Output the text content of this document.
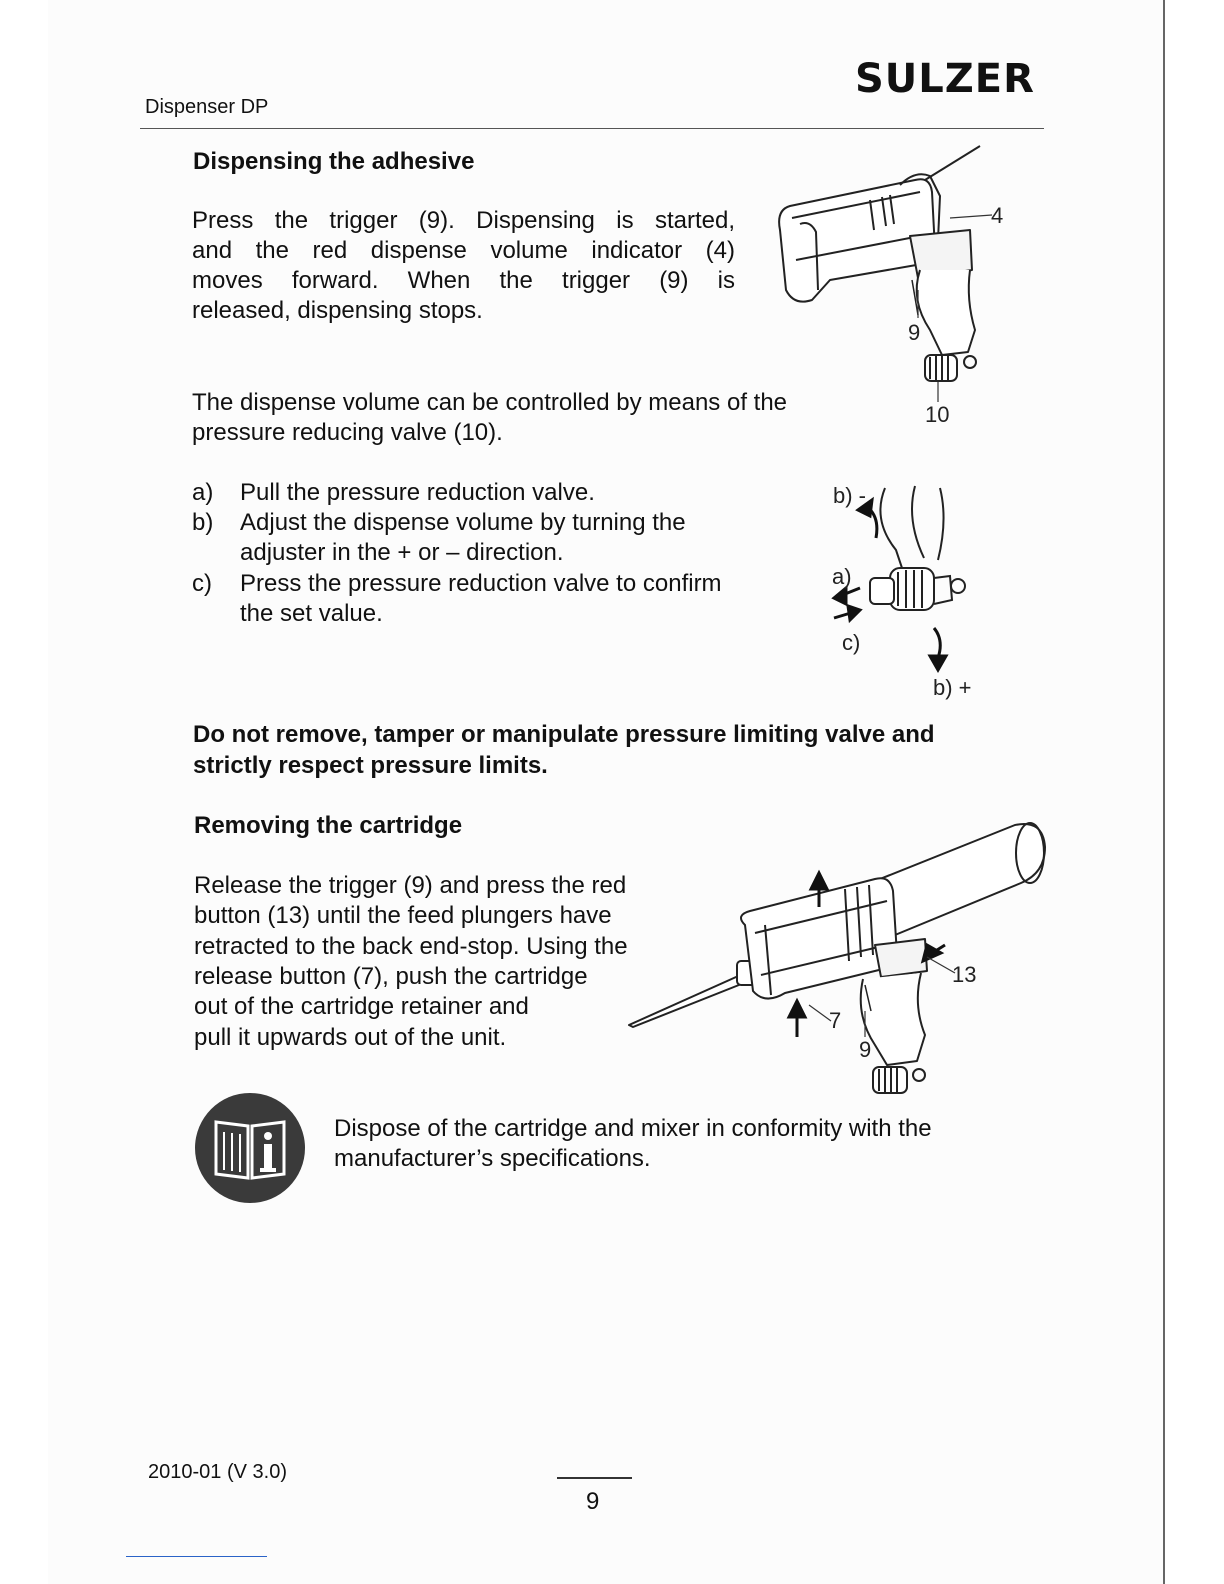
SULZER
Dispenser DP
Dispensing the adhesive
Press the trigger (9). Dispensing is started,
and the red dispense volume indicator (4)
moves forward. When the trigger (9) is
released, dispensing stops.
The dispense volume can be controlled by means of the
pressure reducing valve (10).
a) Pull the pressure reduction valve.
b) Adjust the dispense volume by turning the
adjuster in the + or – direction.
c) Press the pressure reduction valve to confirm
the set value.
4
9
10
b) -
a)
c)
b) +
Do not remove, tamper or manipulate pressure limiting valve and
strictly respect pressure limits.
Removing the cartridge
Release the trigger (9) and press the red
button (13) until the feed plungers have
retracted to the back end-stop. Using the
release button (7), push the cartridge
out of the cartridge retainer and
pull it upwards out of the unit.
13
7
9
Dispose of the cartridge and mixer in conformity with the
manufacturer’s specifications.
2010-01 (V 3.0)
9
